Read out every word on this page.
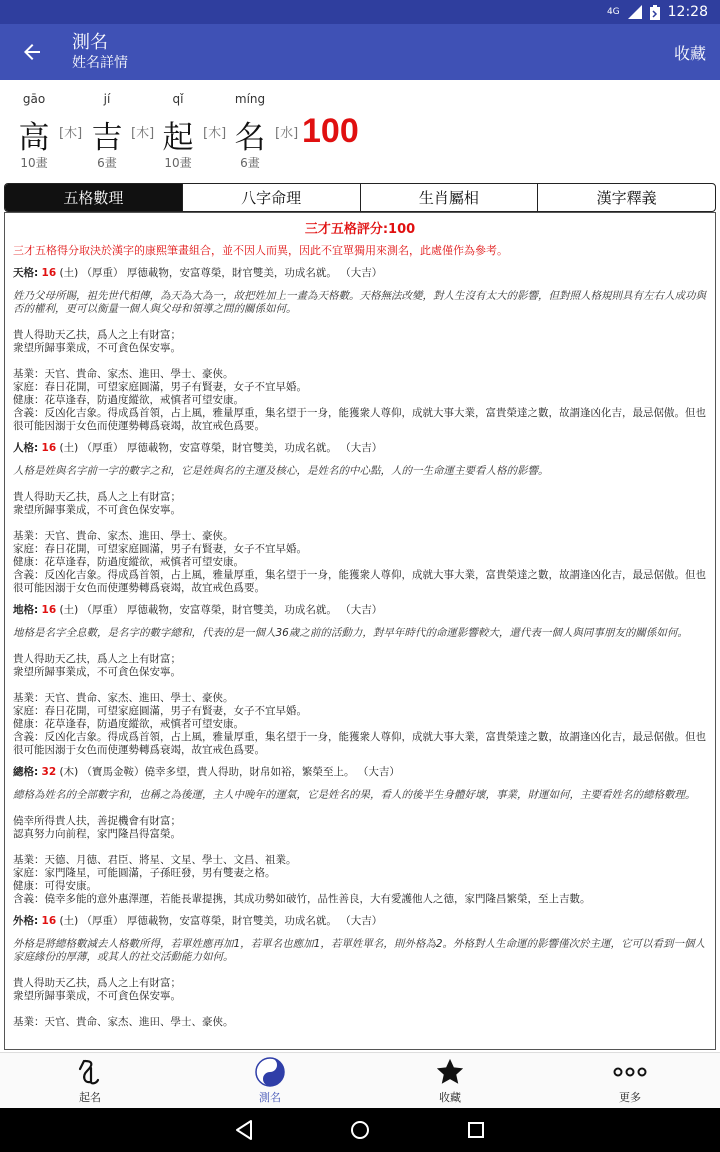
4G	12:28
測名
姓名詳情
收藏
gāo
高
10畫
[木]
jí
吉
6畫
[木]
qǐ
起
10畫
[木]
míng
名
6畫
[水] 100
五格數理	八字命理	生肖屬相	漢字釋義
三才五格評分:100
三才五格得分取決於漢字的康熙筆畫組合，並不因人而異，因此不宜單獨用來測名，此處僅作為參考。
天格: 16 (土) （厚重） 厚德載物，安富尊榮，財官雙美，功成名就。 （大吉）
姓乃父母所賜，祖先世代相傳，為天為大為一，故把姓加上一畫為天格數。天格無法改變，對人生沒有太大的影響，但對照人格規則具有左右人成功與否的權利，更可以衡量一個人與父母和領導之間的關係如何。
貴人得助天乙扶，爲人之上有財富；
衆望所歸事業成，不可貪色保安寧。
基業：天官、貴命、家杰、進田、學士、豪俠。
家庭：春日花開，可望家庭圓滿，男子有賢妻，女子不宜早婚。
健康：花草逢春，防過度縱欲，戒慎者可望安康。
含義：反凶化吉象。得成爲首領，占上風，雅量厚重，集名望于一身，能獲衆人尊仰，成就大事大業，富貴榮達之數，故謂逢凶化吉，最忌倨傲。但也很可能因溺于女色而使運勢轉爲衰竭，故宜戒色爲要。
人格: 16 (土) （厚重） 厚德載物，安富尊榮，財官雙美，功成名就。 （大吉）
人格是姓與名字前一字的數字之和，它是姓與名的主運及核心，是姓名的中心點，人的一生命運主要看人格的影響。
貴人得助天乙扶，爲人之上有財富；
衆望所歸事業成，不可貪色保安寧。
基業：天官、貴命、家杰、進田、學士、豪俠。
家庭：春日花開，可望家庭圓滿，男子有賢妻，女子不宜早婚。
健康：花草逢春，防過度縱欲，戒慎者可望安康。
含義：反凶化吉象。得成爲首領，占上風，雅量厚重，集名望于一身，能獲衆人尊仰，成就大事大業，富貴榮達之數，故謂逢凶化吉，最忌倨傲。但也很可能因溺于女色而使運勢轉爲衰竭，故宜戒色爲要。
地格: 16 (土) （厚重） 厚德載物，安富尊榮，財官雙美，功成名就。 （大吉）
地格是名字全息數，是名字的數字總和，代表的是一個人36歲之前的活動力，對早年時代的命運影響較大，還代表一個人與同事朋友的關係如何。
貴人得助天乙扶，爲人之上有財富；
衆望所歸事業成，不可貪色保安寧。
基業：天官、貴命、家杰、進田、學士、豪俠。
家庭：春日花開，可望家庭圓滿，男子有賢妻，女子不宜早婚。
健康：花草逢春，防過度縱欲，戒慎者可望安康。
含義：反凶化吉象。得成爲首領，占上風，雅量厚重，集名望于一身，能獲衆人尊仰，成就大事大業，富貴榮達之數，故謂逢凶化吉，最忌倨傲。但也很可能因溺于女色而使運勢轉爲衰竭，故宜戒色爲要。
總格: 32 (木) （寶馬金鞍）僥幸多望，貴人得助，財帛如裕，繁榮至上。 （大吉）
總格為姓名的全部數字和，也稱之為後運，主人中晚年的運氣，它是姓名的果，看人的後半生身體好壞，事業，財運如何，主要看姓名的總格數理。
僥幸所得貴人扶，善捉機會有財富；
認真努力向前程，家門隆昌得富榮。
基業：天德、月德、君臣、將星、文星、學士、文昌、祖業。
家庭：家門隆星，可能圓滿，子孫旺發，男有雙妻之格。
健康：可得安康。
含義：僥幸多能的意外惠澤運，若能長輩提携，其成功勢如破竹，品性善良，大有愛護他人之德，家門隆昌繁榮，至上吉數。
外格: 16 (土) （厚重） 厚德載物，安富尊榮，財官雙美，功成名就。 （大吉）
外格是將總格數減去人格數所得，若單姓應再加1，若單名也應加1，若單姓單名，則外格為2。外格對人生命運的影響僅次於主運，它可以看到一個人家庭緣份的厚薄，或其人的社交活動能力如何。
貴人得助天乙扶，爲人之上有財富；
衆望所歸事業成，不可貪色保安寧。
基業：天官、貴命、家杰、進田、學士、豪俠。
起名	測名	收藏	更多
